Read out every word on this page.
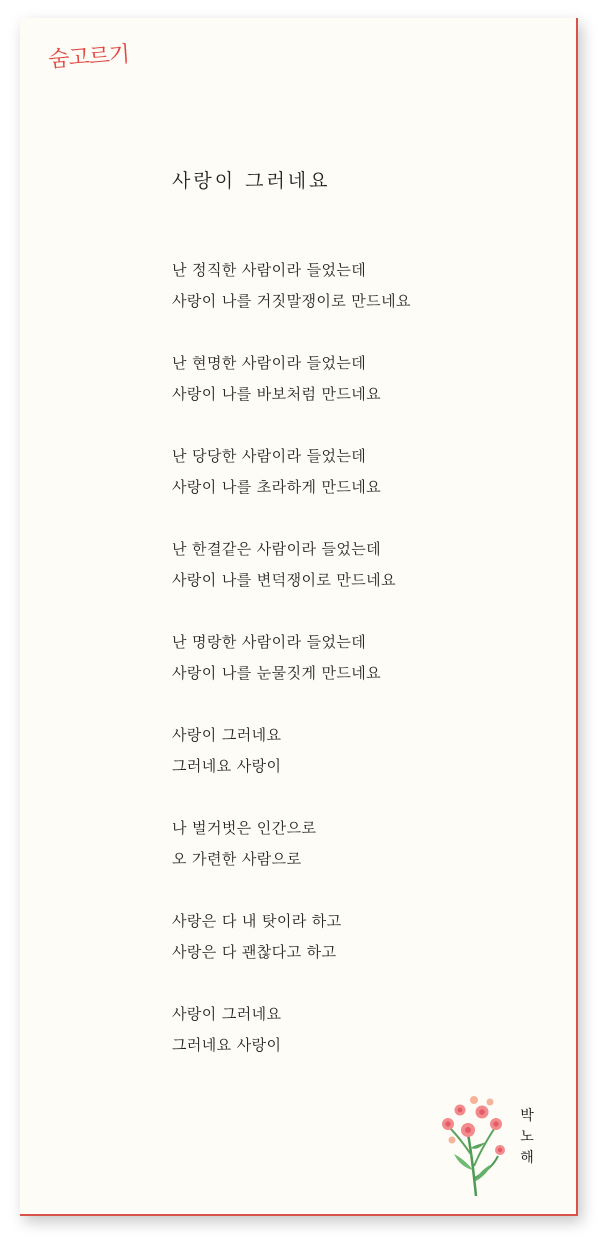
숨고르기
사랑이 그러네요
난 정직한 사람이라 들었는데
사랑이 나를 거짓말쟁이로 만드네요
난 현명한 사람이라 들었는데
사랑이 나를 바보처럼 만드네요
난 당당한 사람이라 들었는데
사랑이 나를 초라하게 만드네요
난 한결같은 사람이라 들었는데
사랑이 나를 변덕쟁이로 만드네요
난 명랑한 사람이라 들었는데
사랑이 나를 눈물짓게 만드네요
사랑이 그러네요
그러네요 사랑이
나 벌거벗은 인간으로
오 가련한 사람으로
사랑은 다 내 탓이라 하고
사랑은 다 괜찮다고 하고
사랑이 그러네요
그러네요 사랑이
박
노
해
